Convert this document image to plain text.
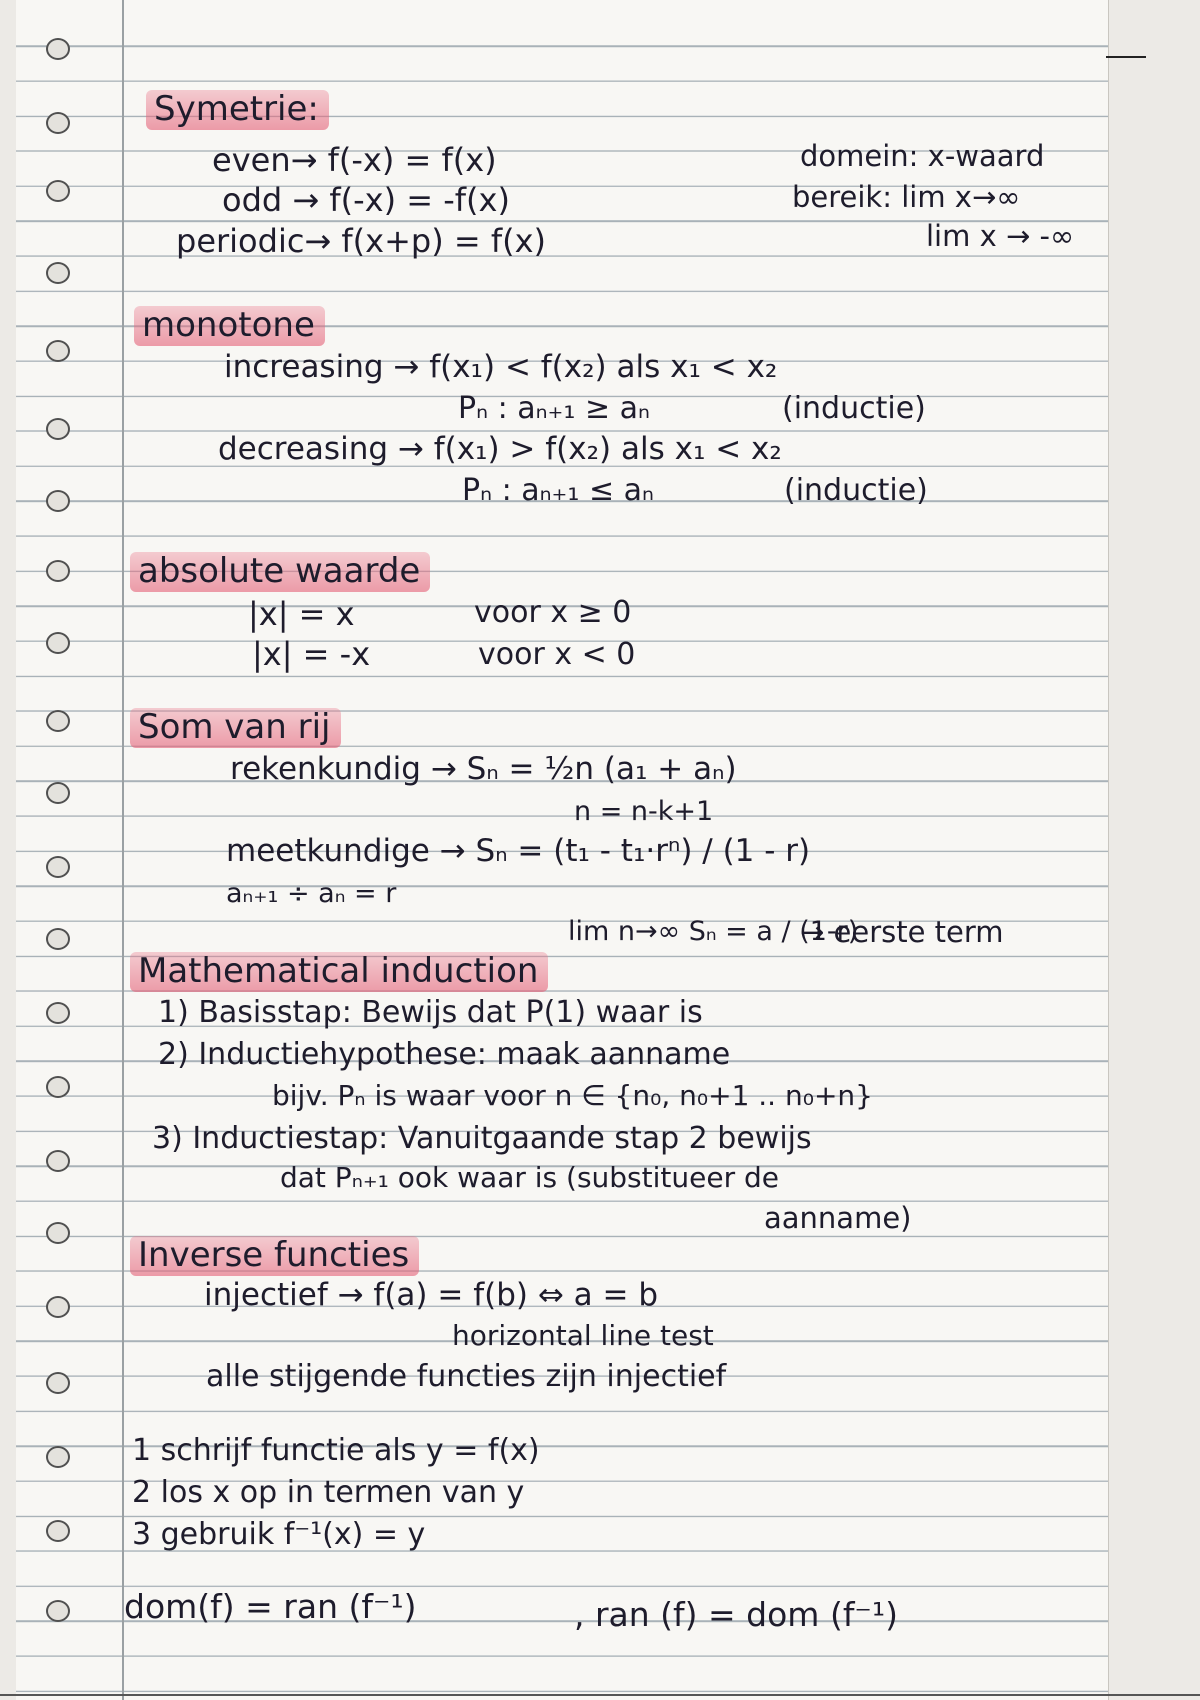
Symetrie:
even→ f(-x) = f(x)
odd → f(-x) = -f(x)
periodic→ f(x+p) = f(x)
domein: x-waard
bereik: lim x→∞
lim x → -∞
monotone
increasing → f(x₁) < f(x₂) als x₁ < x₂
Pₙ : aₙ₊₁ ≥ aₙ	(inductie)
decreasing → f(x₁) > f(x₂) als x₁ < x₂
Pₙ : aₙ₊₁ ≤ aₙ	(inductie)
absolute waarde
|x| = x	voor x ≥ 0
|x| = -x	voor x < 0
Som van rij
rekenkundig → Sₙ = ½n (a₁ + aₙ)
n = n-k+1
meetkundige → Sₙ = (t₁ - t₁·rⁿ) / (1 - r)
aₙ₊₁ ÷ aₙ = r
lim n→∞ Sₙ = a / (1-r)
→ eerste term
Mathematical induction
1) Basisstap: Bewijs dat P(1) waar is
2) Inductiehypothese: maak aanname
bijv. Pₙ is waar voor n ∈ {n₀, n₀+1 .. n₀+n}
3) Inductiestap: Vanuitgaande stap 2 bewijs
dat Pₙ₊₁ ook waar is (substitueer de
aanname)
Inverse functies
injectief → f(a) = f(b) ⇔ a = b
horizontal line test
alle stijgende functies zijn injectief
1 schrijf functie als y = f(x)
2 los x op in termen van y
3 gebruik f⁻¹(x) = y
dom(f) = ran (f⁻¹)	, ran (f) = dom (f⁻¹)
